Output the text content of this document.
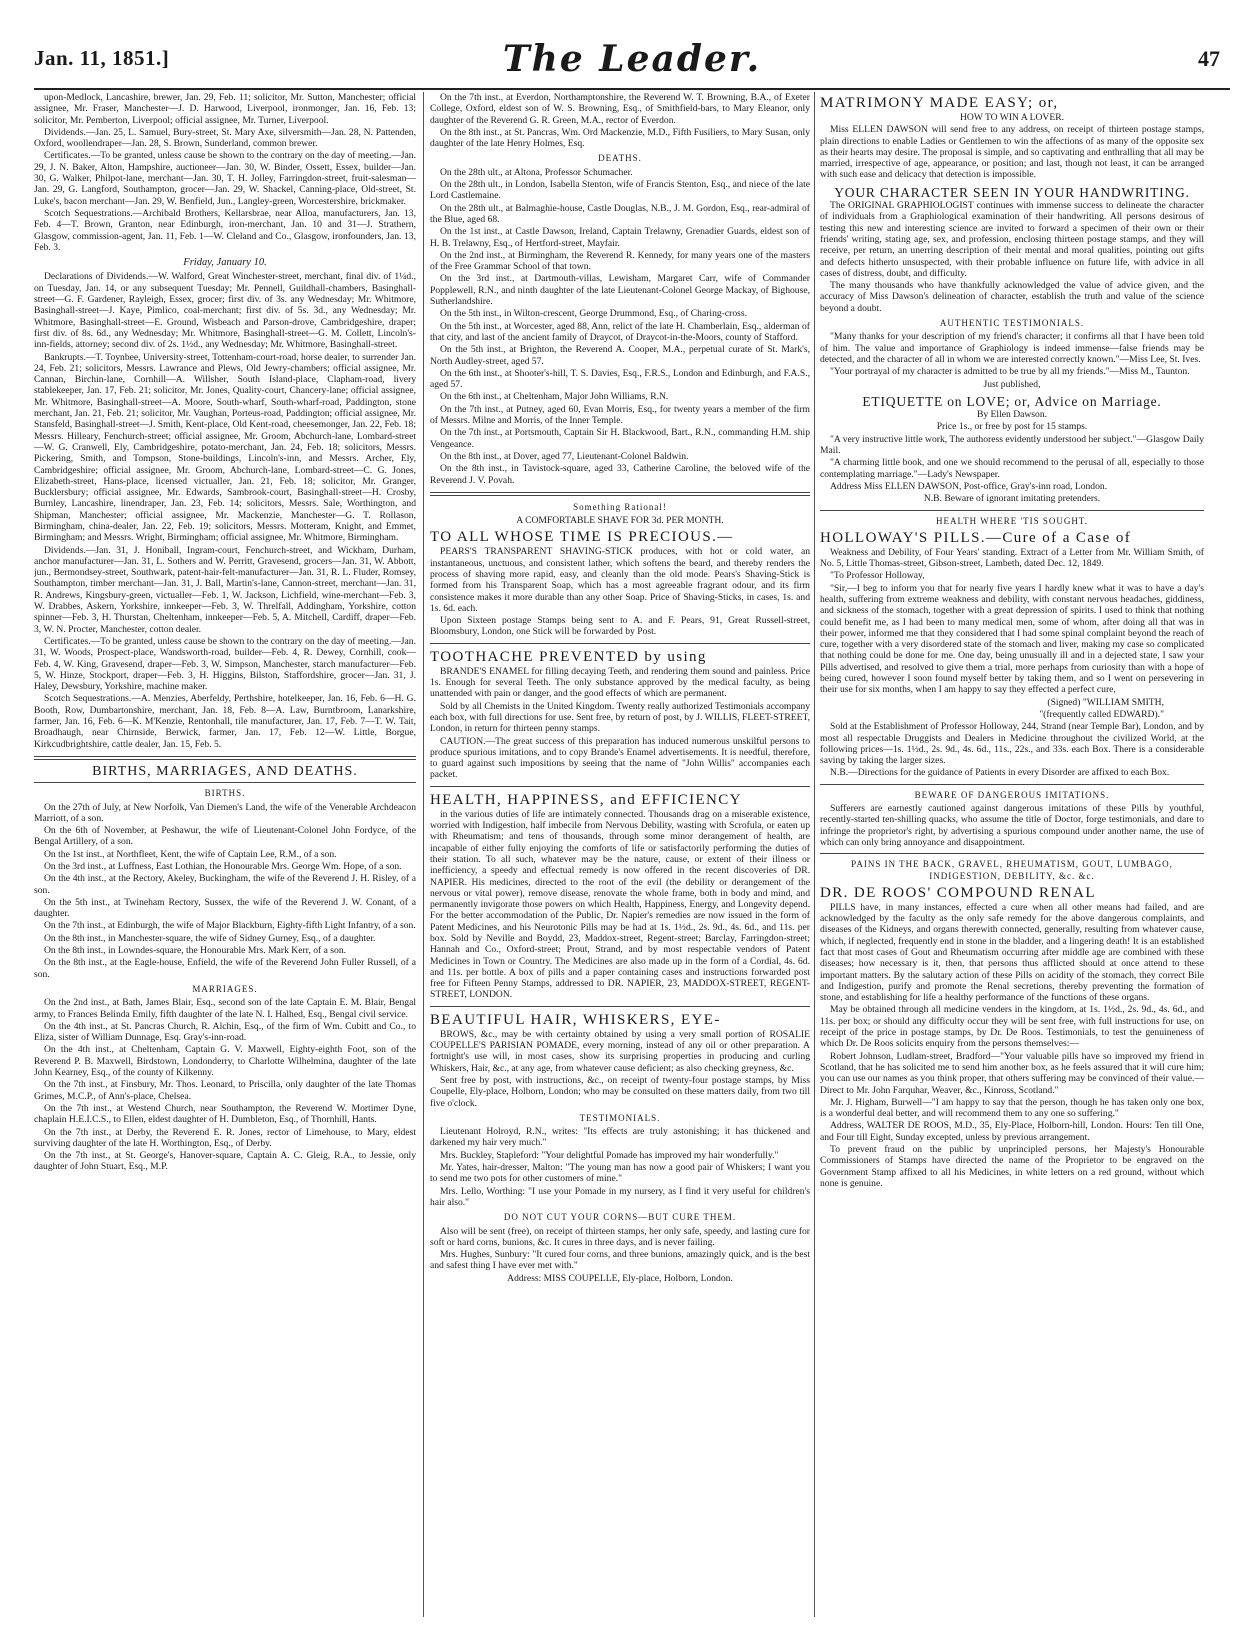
Jan. 11, 1851.]	The Leader.	47

upon-Medlock, Lancashire, brewer, Jan. 29, Feb. 11; solicitor, Mr. Sutton, Manchester; official assignee, Mr. Fraser, Manchester—J. D. Harwood, Liverpool, ironmonger, Jan. 16, Feb. 13; solicitor, Mr. Pemberton, Liverpool; official assignee, Mr. Turner, Liverpool.

Dividends.—Jan. 25, L. Samuel, Bury-street, St. Mary Axe, silversmith—Jan. 28, N. Pattenden, Oxford, woollendraper—Jan. 28, S. Brown, Sunderland, common brewer.

Certificates.—To be granted, unless cause be shown to the contrary on the day of meeting.—Jan. 29, J. N. Baker, Alton, Hampshire, auctioneer—Jan. 30, W. Binder, Ossett, Essex, builder—Jan. 30, G. Walker, Philpot-lane, merchant—Jan. 30, T. H. Jolley, Farringdon-street, fruit-salesman—Jan. 29, G. Langford, Southampton, grocer—Jan. 29, W. Shackel, Canning-place, Old-street, St. Luke's, bacon merchant—Jan. 29, W. Benfield, Jun., Langley-green, Worcestershire, brickmaker.

Scotch Sequestrations.—Archibald Brothers, Kellarsbrae, near Alloa, manufacturers, Jan. 13, Feb. 4—T. Brown, Granton, near Edinburgh, iron-merchant, Jan. 10 and 31—J. Strathern, Glasgow, commission-agent, Jan. 11, Feb. 1—W. Cleland and Co., Glasgow, ironfounders, Jan. 13, Feb. 3.

Friday, January 10.

Declarations of Dividends.—W. Walford, Great Winchester-street, merchant, final div. of 1¼d., on Tuesday, Jan. 14, or any subsequent Tuesday; Mr. Pennell, Guildhall-chambers, Basinghall-street—G. F. Gardener, Rayleigh, Essex, grocer; first div. of 3s. any Wednesday; Mr. Whitmore, Basinghall-street—J. Kaye, Pimlico, coal-merchant; first div. of 5s. 3d., any Wednesday; Mr. Whitmore, Basinghall-street—E. Ground, Wisbeach and Parson-drove, Cambridgeshire, draper; first div. of 8s. 6d., any Wednesday; Mr. Whitmore, Basinghall-street—G. M. Collett, Lincoln's-inn-fields, attorney; second div. of 2s. 1½d., any Wednesday; Mr. Whitmore, Basinghall-street.

Bankrupts.—T. Toynbee, University-street, Tottenham-court-road, horse dealer, to surrender Jan. 24, Feb. 21; solicitors, Messrs. Lawrance and Plews, Old Jewry-chambers; official assignee, Mr. Cannan, Birchin-lane, Cornhill—A. Willsher, South Island-place, Clapham-road, livery stablekeeper, Jan. 17, Feb. 21; solicitor, Mr. Jones, Quality-court, Chancery-lane; official assignee, Mr. Whitmore, Basinghall-street—A. Moore, South-wharf, South-wharf-road, Paddington, stone merchant, Jan. 21, Feb. 21; solicitor, Mr. Vaughan, Porteus-road, Paddington; official assignee, Mr. Stansfeld, Basinghall-street—J. Smith, Kent-place, Old Kent-road, cheesemonger, Jan. 22, Feb. 18; Messrs. Hilleary, Fenchurch-street; official assignee, Mr. Groom, Abchurch-lane, Lombard-street—W. G. Cranwell, Ely, Cambridgeshire, potato-merchant, Jan. 24, Feb. 18; solicitors, Messrs. Pickering, Smith, and Tompson, Stone-buildings, Lincoln's-inn, and Messrs. Archer, Ely, Cambridgeshire; official assignee, Mr. Groom, Abchurch-lane, Lombard-street—C. G. Jones, Elizabeth-street, Hans-place, licensed victualler, Jan. 21, Feb. 18; solicitor, Mr. Granger, Bucklersbury; official assignee, Mr. Edwards, Sambrook-court, Basinghall-street—H. Crosby, Burnley, Lancashire, linendraper, Jan. 23, Feb. 14; solicitors, Messrs. Sale, Worthington, and Shipman, Manchester; official assignee, Mr. Mackenzie, Manchester—G. T. Rollason, Birmingham, china-dealer, Jan. 22, Feb. 19; solicitors, Messrs. Motteram, Knight, and Emmet, Birmingham; and Messrs. Wright, Birmingham; official assignee, Mr. Whitmore, Birmingham.

Dividends.—Jan. 31, J. Honiball, Ingram-court, Fenchurch-street, and Wickham, Durham, anchor manufacturer—Jan. 31, L. Sothers and W. Perritt, Gravesend, grocers—Jan. 31, W. Abbott, jun., Bermondsey-street, Southwark, patent-hair-felt-manufacturer—Jan. 31, R. L. Fluder, Romsey, Southampton, timber merchant—Jan. 31, J. Ball, Martin's-lane, Cannon-street, merchant—Jan. 31, R. Andrews, Kingsbury-green, victualler—Feb. 1, W. Jackson, Lichfield, wine-merchant—Feb. 3, W. Drabbes, Askern, Yorkshire, innkeeper—Feb. 3, W. Threlfall, Addingham, Yorkshire, cotton spinner—Feb. 3, H. Thurstan, Cheltenham, innkeeper—Feb. 5, A. Mitchell, Cardiff, draper—Feb. 3, W. N. Procter, Manchester, cotton dealer.

Certificates.—To be granted, unless cause be shown to the contrary on the day of meeting.—Jan. 31, W. Woods, Prospect-place, Wandsworth-road, builder—Feb. 4, R. Dewey, Cornhill, cook—Feb. 4, W. King, Gravesend, draper—Feb. 3, W. Simpson, Manchester, starch manufacturer—Feb. 5, W. Hinze, Stockport, draper—Feb. 3, H. Higgins, Bilston, Staffordshire, grocer—Jan. 31, J. Haley, Dewsbury, Yorkshire, machine maker.

Scotch Sequestrations.—A. Menzies, Aberfeldy, Perthshire, hotelkeeper, Jan. 16, Feb. 6—H. G. Booth, Row, Dumbartonshire, merchant, Jan. 18, Feb. 8—A. Law, Burntbroom, Lanarkshire, farmer, Jan. 16, Feb. 6—K. M'Kenzie, Rentonhall, tile manufacturer, Jan. 17, Feb. 7—T. W. Tait, Broadhaugh, near Chirnside, Berwick, farmer, Jan. 17, Feb. 12—W. Little, Borgue, Kirkcudbrightshire, cattle dealer, Jan. 15, Feb. 5.

BIRTHS, MARRIAGES, AND DEATHS.

BIRTHS.

On the 27th of July, at New Norfolk, Van Diemen's Land, the wife of the Venerable Archdeacon Marriott, of a son.

On the 6th of November, at Peshawur, the wife of Lieutenant-Colonel John Fordyce, of the Bengal Artillery, of a son.

On the 1st inst., at Northfleet, Kent, the wife of Captain Lee, R.M., of a son.

On the 3rd inst., at Luffness, East Lothian, the Honourable Mrs. George Wm. Hope, of a son.

On the 4th inst., at the Rectory, Akeley, Buckingham, the wife of the Reverend J. H. Risley, of a son.

On the 5th inst., at Twineham Rectory, Sussex, the wife of the Reverend J. W. Conant, of a daughter.

On the 7th inst., at Edinburgh, the wife of Major Blackburn, Eighty-fifth Light Infantry, of a son.

On the 8th inst., in Manchester-square, the wife of Sidney Gurney, Esq., of a daughter.

On the 8th inst., in Lowndes-square, the Honourable Mrs. Mark Kerr, of a son.

On the 8th inst., at the Eagle-house, Enfield, the wife of the Reverend John Fuller Russell, of a son.

MARRIAGES.

On the 2nd inst., at Bath, James Blair, Esq., second son of the late Captain E. M. Blair, Bengal army, to Frances Belinda Emily, fifth daughter of the late N. I. Halhed, Esq., Bengal civil service.

On the 4th inst., at St. Pancras Church, R. Alchin, Esq., of the firm of Wm. Cubitt and Co., to Eliza, sister of William Dunnage, Esq. Gray's-inn-road.

On the 4th inst., at Cheltenham, Captain G. V. Maxwell, Eighty-eighth Foot, son of the Reverend P. B. Maxwell, Birdstown, Londonderry, to Charlotte Wilhelmina, daughter of the late John Kearney, Esq., of the county of Kilkenny.

On the 7th inst., at Finsbury, Mr. Thos. Leonard, to Priscilla, only daughter of the late Thomas Grimes, M.C.P., of Ann's-place, Chelsea.

On the 7th inst., at Westend Church, near Southampton, the Reverend W. Mortimer Dyne, chaplain H.E.I.C.S., to Ellen, eldest daughter of H. Dumbleton, Esq., of Thornhill, Hants.

On the 7th inst., at Derby, the Reverend E. R. Jones, rector of Limehouse, to Mary, eldest surviving daughter of the late H. Worthington, Esq., of Derby.

On the 7th inst., at St. George's, Hanover-square, Captain A. C. Gleig, R.A., to Jessie, only daughter of John Stuart, Esq., M.P.

On the 7th inst., at Everdon, Northamptonshire, the Reverend W. T. Browning, B.A., of Exeter College, Oxford, eldest son of W. S. Browning, Esq., of Smithfield-bars, to Mary Eleanor, only daughter of the Reverend G. R. Green, M.A., rector of Everdon.

On the 8th inst., at St. Pancras, Wm. Ord Mackenzie, M.D., Fifth Fusiliers, to Mary Susan, only daughter of the late Henry Holmes, Esq.

DEATHS.

On the 28th ult., at Altona, Professor Schumacher.

On the 28th ult., in London, Isabella Stenton, wife of Francis Stenton, Esq., and niece of the late Lord Castlemaine.

On the 28th ult., at Balmaghie-house, Castle Douglas, N.B., J. M. Gordon, Esq., rear-admiral of the Blue, aged 68.

On the 1st inst., at Castle Dawson, Ireland, Captain Trelawny, Grenadier Guards, eldest son of H. B. Trelawny, Esq., of Hertford-street, Mayfair.

On the 2nd inst., at Birmingham, the Reverend R. Kennedy, for many years one of the masters of the Free Grammar School of that town.

On the 3rd inst., at Dartmouth-villas, Lewisham, Margaret Carr, wife of Commander Popplewell, R.N., and ninth daughter of the late Lieutenant-Colonel George Mackay, of Bighouse, Sutherlandshire.

On the 5th inst., in Wilton-crescent, George Drummond, Esq., of Charing-cross.

On the 5th inst., at Worcester, aged 88, Ann, relict of the late H. Chamberlain, Esq., alderman of that city, and last of the ancient family of Draycot, of Draycot-in-the-Moors, county of Stafford.

On the 5th inst., at Brighton, the Reverend A. Cooper, M.A., perpetual curate of St. Mark's, North Audley-street, aged 57.

On the 6th inst., at Shooter's-hill, T. S. Davies, Esq., F.R.S., London and Edinburgh, and F.A.S., aged 57.

On the 6th inst., at Cheltenham, Major John Williams, R.N.

On the 7th inst., at Putney, aged 60, Evan Morris, Esq., for twenty years a member of the firm of Messrs. Milne and Morris, of the Inner Temple.

On the 7th inst., at Portsmouth, Captain Sir H. Blackwood, Bart., R.N., commanding H.M. ship Vengeance.

On the 8th inst., at Dover, aged 77, Lieutenant-Colonel Baldwin.

On the 8th inst., in Tavistock-square, aged 33, Catherine Caroline, the beloved wife of the Reverend J. V. Povah.

Something Rational!

A COMFORTABLE SHAVE FOR 3d. PER MONTH.

TO ALL WHOSE TIME IS PRECIOUS.—

PEARS'S TRANSPARENT SHAVING-STICK produces, with hot or cold water, an instantaneous, unctuous, and consistent lather, which softens the beard, and thereby renders the process of shaving more rapid, easy, and cleanly than the old mode. Pears's Shaving-Stick is formed from his Transparent Soap, which has a most agreeable fragrant odour, and its firm consistence makes it more durable than any other Soap. Price of Shaving-Sticks, in cases, 1s. and 1s. 6d. each.

Upon Sixteen postage Stamps being sent to A. and F. Pears, 91, Great Russell-street, Bloomsbury, London, one Stick will be forwarded by Post.

TOOTHACHE PREVENTED by using

BRANDE'S ENAMEL for filling decaying Teeth, and rendering them sound and painless. Price 1s. Enough for several Teeth. The only substance approved by the medical faculty, as being unattended with pain or danger, and the good effects of which are permanent.

Sold by all Chemists in the United Kingdom. Twenty really authorized Testimonials accompany each box, with full directions for use. Sent free, by return of post, by J. WILLIS, FLEET-STREET, London, in return for thirteen penny stamps.

CAUTION.—The great success of this preparation has induced numerous unskilful persons to produce spurious imitations, and to copy Brande's Enamel advertisements. It is needful, therefore, to guard against such impositions by seeing that the name of "John Willis" accompanies each packet.

HEALTH, HAPPINESS, and EFFICIENCY

in the various duties of life are intimately connected. Thousands drag on a miserable existence, worried with Indigestion, half imbecile from Nervous Debility, wasting with Scrofula, or eaten up with Rheumatism; and tens of thousands, through some minor derangement of health, are incapable of either fully enjoying the comforts of life or satisfactorily performing the duties of their station. To all such, whatever may be the nature, cause, or extent of their illness or inefficiency, a speedy and effectual remedy is now offered in the recent discoveries of DR. NAPIER. His medicines, directed to the root of the evil (the debility or derangement of the nervous or vital power), remove disease, renovate the whole frame, both in body and mind, and permanently invigorate those powers on which Health, Happiness, Energy, and Longevity depend. For the better accommodation of the Public, Dr. Napier's remedies are now issued in the form of Patent Medicines, and his Neurotonic Pills may be had at 1s. 1½d., 2s. 9d., 4s. 6d., and 11s. per box. Sold by Neville and Boydd, 23, Maddox-street, Regent-street; Barclay, Farringdon-street; Hannah and Co., Oxford-street; Prout, Strand, and by most respectable vendors of Patent Medicines in Town or Country. The Medicines are also made up in the form of a Cordial, 4s. 6d. and 11s. per bottle. A box of pills and a paper containing cases and instructions forwarded post free for Fifteen Penny Stamps, addressed to DR. NAPIER, 23, MADDOX-STREET, REGENT-STREET, LONDON.

BEAUTIFUL HAIR, WHISKERS, EYE-

BROWS, &c., may be with certainty obtained by using a very small portion of ROSALIE COUPELLE'S PARISIAN POMADE, every morning, instead of any oil or other preparation. A fortnight's use will, in most cases, show its surprising properties in producing and curling Whiskers, Hair, &c., at any age, from whatever cause deficient; as also checking greyness, &c.

Sent free by post, with instructions, &c., on receipt of twenty-four postage stamps, by Miss Coupelle, Ely-place, Holborn, London; who may be consulted on these matters daily, from two till five o'clock.

TESTIMONIALS.

Lieutenant Holroyd, R.N., writes: "Its effects are truly astonishing; it has thickened and darkened my hair very much."

Mrs. Buckley, Stapleford: "Your delightful Pomade has improved my hair wonderfully."

Mr. Yates, hair-dresser, Malton: "The young man has now a good pair of Whiskers; I want you to send me two pots for other customers of mine."

Mrs. Lello, Worthing: "I use your Pomade in my nursery, as I find it very useful for children's hair also."

DO NOT CUT YOUR CORNS—BUT CURE THEM.

Also will be sent (free), on receipt of thirteen stamps, her only safe, speedy, and lasting cure for soft or hard corns, bunions, &c. It cures in three days, and is never failing.

Mrs. Hughes, Sunbury: "It cured four corns, and three bunions, amazingly quick, and is the best and safest thing I have ever met with."

Address: MISS COUPELLE, Ely-place, Holborn, London.

MATRIMONY MADE EASY; or,

HOW TO WIN A LOVER.

Miss ELLEN DAWSON will send free to any address, on receipt of thirteen postage stamps, plain directions to enable Ladies or Gentlemen to win the affections of as many of the opposite sex as their hearts may desire. The proposal is simple, and so captivating and enthralling that all may be married, irrespective of age, appearance, or position; and last, though not least, it can be arranged with such ease and delicacy that detection is impossible.

YOUR CHARACTER SEEN IN YOUR HANDWRITING.

The ORIGINAL GRAPHIOLOGIST continues with immense success to delineate the character of individuals from a Graphiological examination of their handwriting. All persons desirous of testing this new and interesting science are invited to forward a specimen of their own or their friends' writing, stating age, sex, and profession, enclosing thirteen postage stamps, and they will receive, per return, an unerring description of their mental and moral qualities, pointing out gifts and defects hitherto unsuspected, with their probable influence on future life, with advice in all cases of distress, doubt, and difficulty.

The many thousands who have thankfully acknowledged the value of advice given, and the accuracy of Miss Dawson's delineation of character, establish the truth and value of the science beyond a doubt.

AUTHENTIC TESTIMONIALS.

"Many thanks for your description of my friend's character; it confirms all that I have been told of him. The value and importance of Graphiology is indeed immense—false friends may be detected, and the character of all in whom we are interested correctly known."—Miss Lee, St. Ives.

"Your portrayal of my character is admitted to be true by all my friends."—Miss M., Taunton.

Just published,

ETIQUETTE on LOVE; or, Advice on Marriage.

By Ellen Dawson.

Price 1s., or free by post for 15 stamps.

"A very instructive little work, The authoress evidently understood her subject."—Glasgow Daily Mail.

"A charming little book, and one we should recommend to the perusal of all, especially to those contemplating marriage."—Lady's Newspaper.

Address Miss ELLEN DAWSON, Post-office, Gray's-inn road, London.

N.B. Beware of ignorant imitating pretenders.

HEALTH WHERE 'TIS SOUGHT.

HOLLOWAY'S PILLS.—Cure of a Case of

Weakness and Debility, of Four Years' standing. Extract of a Letter from Mr. William Smith, of No. 5, Little Thomas-street, Gibson-street, Lambeth, dated Dec. 12, 1849.

"To Professor Holloway,

"Sir,—I beg to inform you that for nearly five years I hardly knew what it was to have a day's health, suffering from extreme weakness and debility, with constant nervous headaches, giddiness, and sickness of the stomach, together with a great depression of spirits. I used to think that nothing could benefit me, as I had been to many medical men, some of whom, after doing all that was in their power, informed me that they considered that I had some spinal complaint beyond the reach of cure, together with a very disordered state of the stomach and liver, making my case so complicated that nothing could be done for me. One day, being unusually ill and in a dejected state, I saw your Pills advertised, and resolved to give them a trial, more perhaps from curiosity than with a hope of being cured, however I soon found myself better by taking them, and so I went on persevering in their use for six months, when I am happy to say they effected a perfect cure,

(Signed) "WILLIAM SMITH,

"(frequently called EDWARD)."

Sold at the Establishment of Professor Holloway, 244, Strand (near Temple Bar), London, and by most all respectable Druggists and Dealers in Medicine throughout the civilized World, at the following prices—1s. 1½d., 2s. 9d., 4s. 6d., 11s., 22s., and 33s. each Box. There is a considerable saving by taking the larger sizes.

N.B.—Directions for the guidance of Patients in every Disorder are affixed to each Box.

BEWARE OF DANGEROUS IMITATIONS.

Sufferers are earnestly cautioned against dangerous imitations of these Pills by youthful, recently-started ten-shilling quacks, who assume the title of Doctor, forge testimonials, and dare to infringe the proprietor's right, by advertising a spurious compound under another name, the use of which can only bring annoyance and disappointment.

PAINS IN THE BACK, GRAVEL, RHEUMATISM, GOUT, LUMBAGO, INDIGESTION, DEBILITY, &c. &c.

DR. DE ROOS' COMPOUND RENAL

PILLS have, in many instances, effected a cure when all other means had failed, and are acknowledged by the faculty as the only safe remedy for the above dangerous complaints, and diseases of the Kidneys, and organs therewith connected, generally, resulting from whatever cause, which, if neglected, frequently end in stone in the bladder, and a lingering death! It is an established fact that most cases of Gout and Rheumatism occurring after middle age are combined with these diseases; how necessary is it, then, that persons thus afflicted should at once attend to these important matters. By the salutary action of these Pills on acidity of the stomach, they correct Bile and Indigestion, purify and promote the Renal secretions, thereby preventing the formation of stone, and establishing for life a healthy performance of the functions of these organs.

May be obtained through all medicine venders in the kingdom, at 1s. 1½d., 2s. 9d., 4s. 6d., and 11s. per box; or should any difficulty occur they will be sent free, with full instructions for use, on receipt of the price in postage stamps, by Dr. De Roos. Testimonials, to test the genuineness of which Dr. De Roos solicits enquiry from the persons themselves:—

Robert Johnson, Ludlam-street, Bradford—"Your valuable pills have so improved my friend in Scotland, that he has solicited me to send him another box, as he feels assured that it will cure him; you can use our names as you think proper, that others suffering may be convinced of their value.—Direct to Mr. John Farquhar, Weaver, &c., Kinross, Scotland."

Mr. J. Higham, Burwell—"I am happy to say that the person, though he has taken only one box, is a wonderful deal better, and will recommend them to any one so suffering."

Address, WALTER DE ROOS, M.D., 35, Ely-Place, Holborn-hill, London. Hours: Ten till One, and Four till Eight, Sunday excepted, unless by previous arrangement.

To prevent fraud on the public by unprincipled persons, her Majesty's Honourable Commissioners of Stamps have directed the name of the Proprietor to be engraved on the Government Stamp affixed to all his Medicines, in white letters on a red ground, without which none is genuine.
